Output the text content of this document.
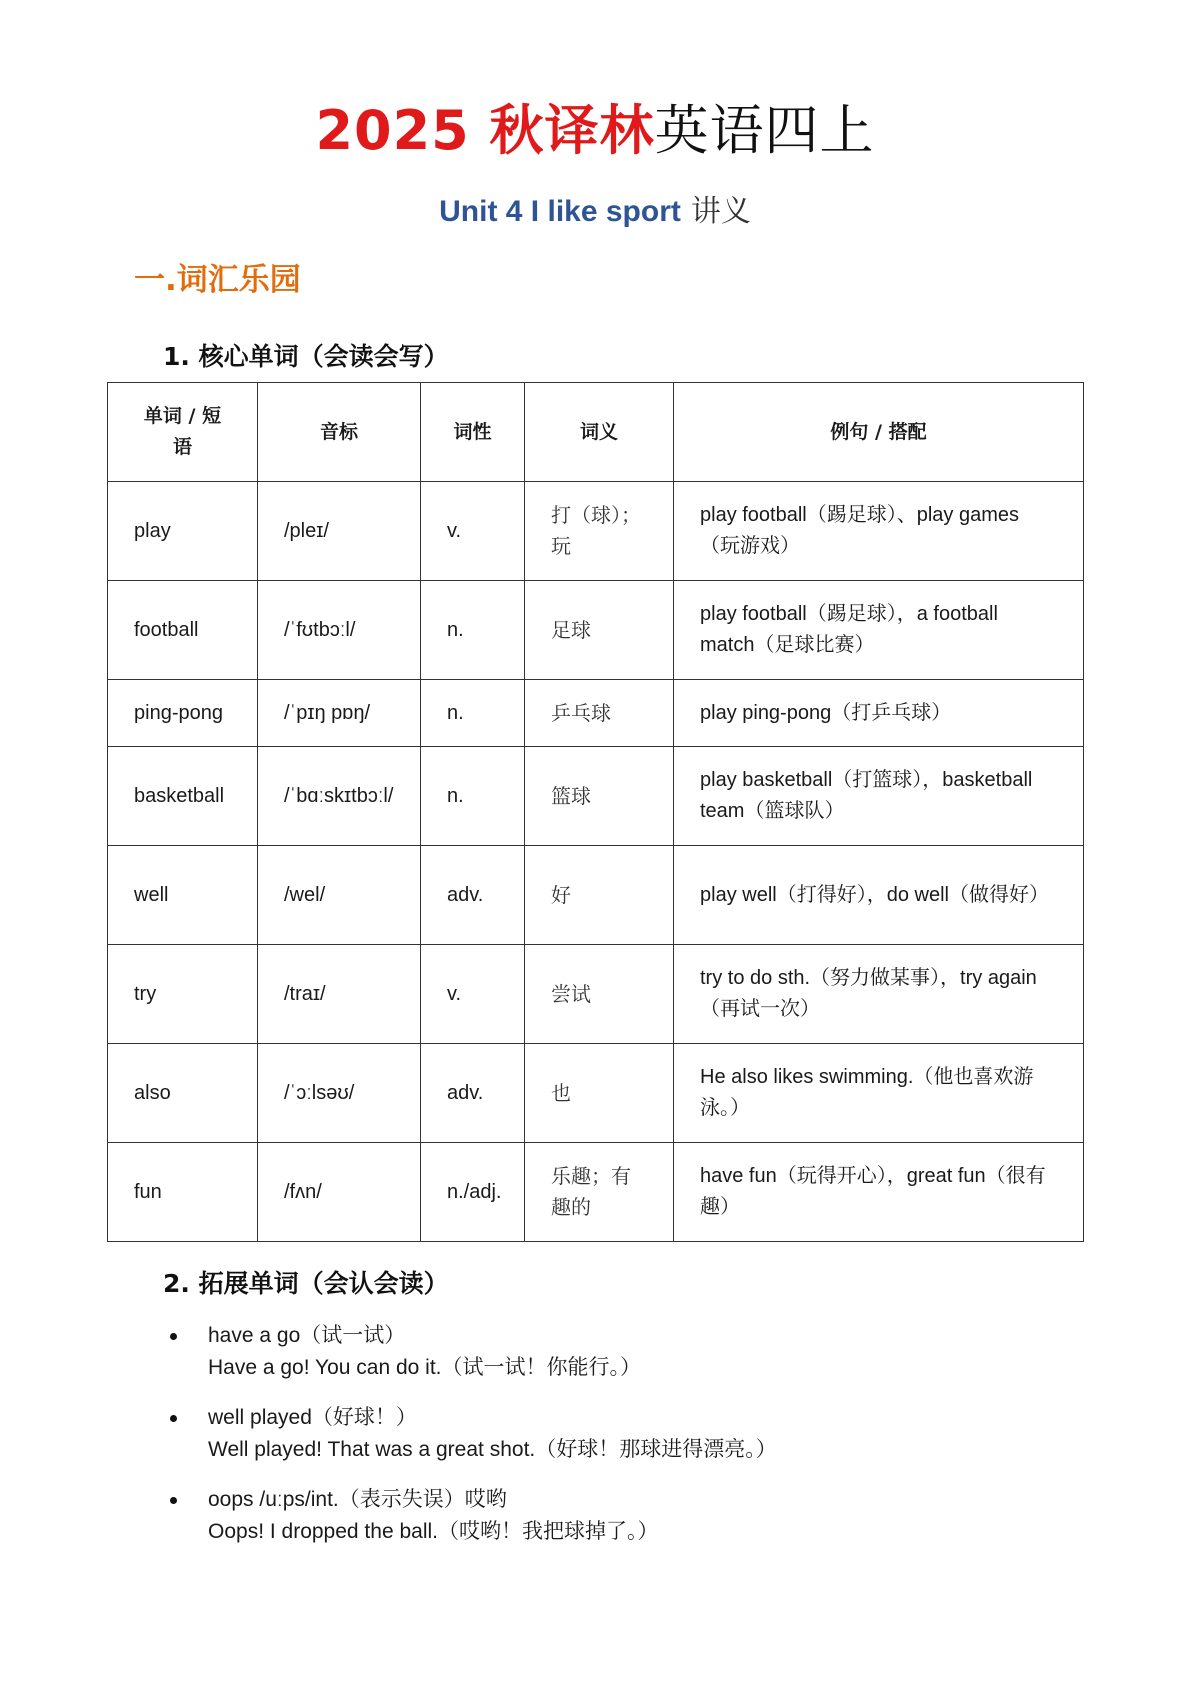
2025 秋译林英语四上
Unit 4 I like sport 讲义
一.词汇乐园
1. 核心单词（会读会写）
单词 / 短语	音标	词性	词义	例句 / 搭配
play	/pleɪ/	v.	打（球）；玩	play football（踢足球）、play games（玩游戏）
football	/ˈfʊtbɔːl/	n.	足球	play football（踢足球），a football match（足球比赛）
ping-pong	/ˈpɪŋ pɒŋ/	n.	乒乓球	play ping-pong（打乒乓球）
basketball	/ˈbɑːskɪtbɔːl/	n.	篮球	play basketball（打篮球），basketball team（篮球队）
well	/wel/	adv.	好	play well（打得好），do well（做得好）
try	/traɪ/	v.	尝试	try to do sth.（努力做某事），try again（再试一次）
also	/ˈɔːlsəʊ/	adv.	也	He also likes swimming.（他也喜欢游泳。）
fun	/fʌn/	n./adj.	乐趣；有趣的	have fun（玩得开心），great fun（很有趣）
2. 拓展单词（会认会读）
have a go（试一试）
Have a go! You can do it.（试一试！你能行。）
well played（好球！）
Well played! That was a great shot.（好球！那球进得漂亮。）
oops /uːps/int.（表示失误）哎哟
Oops! I dropped the ball.（哎哟！我把球掉了。）
